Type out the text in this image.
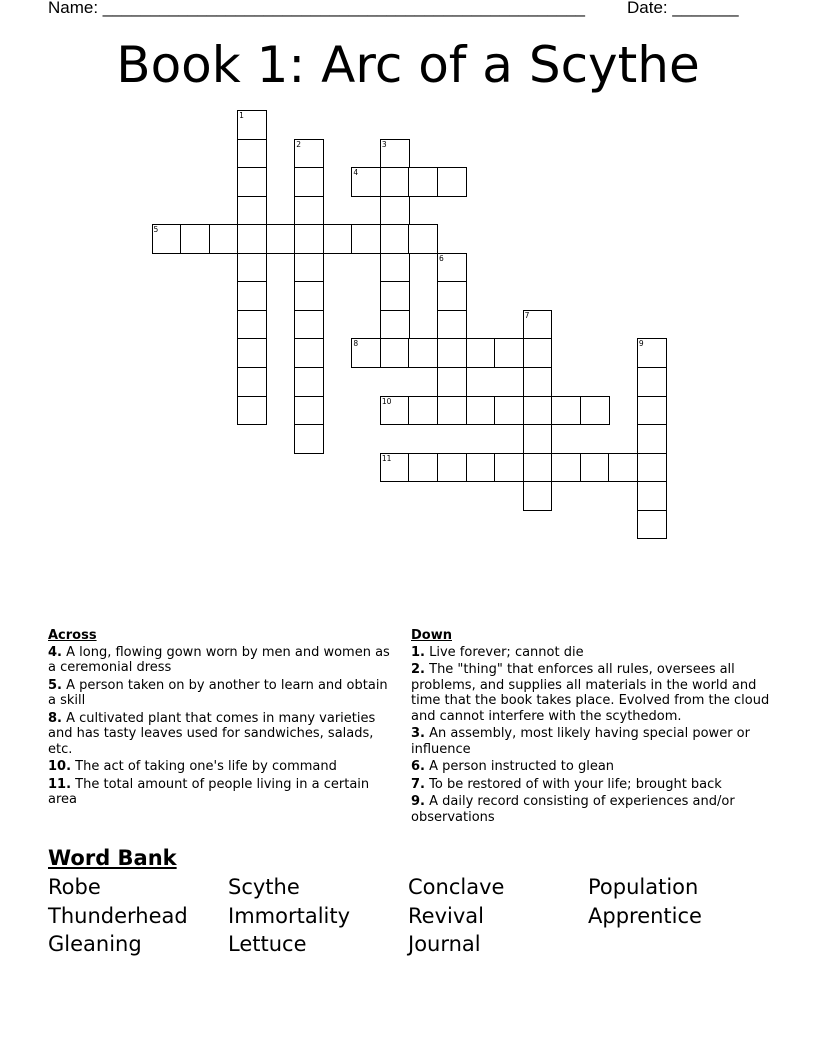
Name: ___________________________________________________ Date: _______
Book 1: Arc of a Scythe
1
2	3
4
5
6
7
8	9
10
11
Across
4. A long, flowing gown worn by men and women as a ceremonial dress
5. A person taken on by another to learn and obtain a skill
8. A cultivated plant that comes in many varieties and has tasty leaves used for sandwiches, salads, etc.
10. The act of taking one's life by command
11. The total amount of people living in a certain area
Down
1. Live forever; cannot die
2. The "thing" that enforces all rules, oversees all problems, and supplies all materials in the world and time that the book takes place. Evolved from the cloud and cannot interfere with the scythedom.
3. An assembly, most likely having special power or influence
6. A person instructed to glean
7. To be restored of with your life; brought back
9. A daily record consisting of experiences and/or observations
Word Bank
Robe	Scythe	Conclave	Population
Thunderhead	Immortality	Revival	Apprentice
Gleaning	Lettuce	Journal
